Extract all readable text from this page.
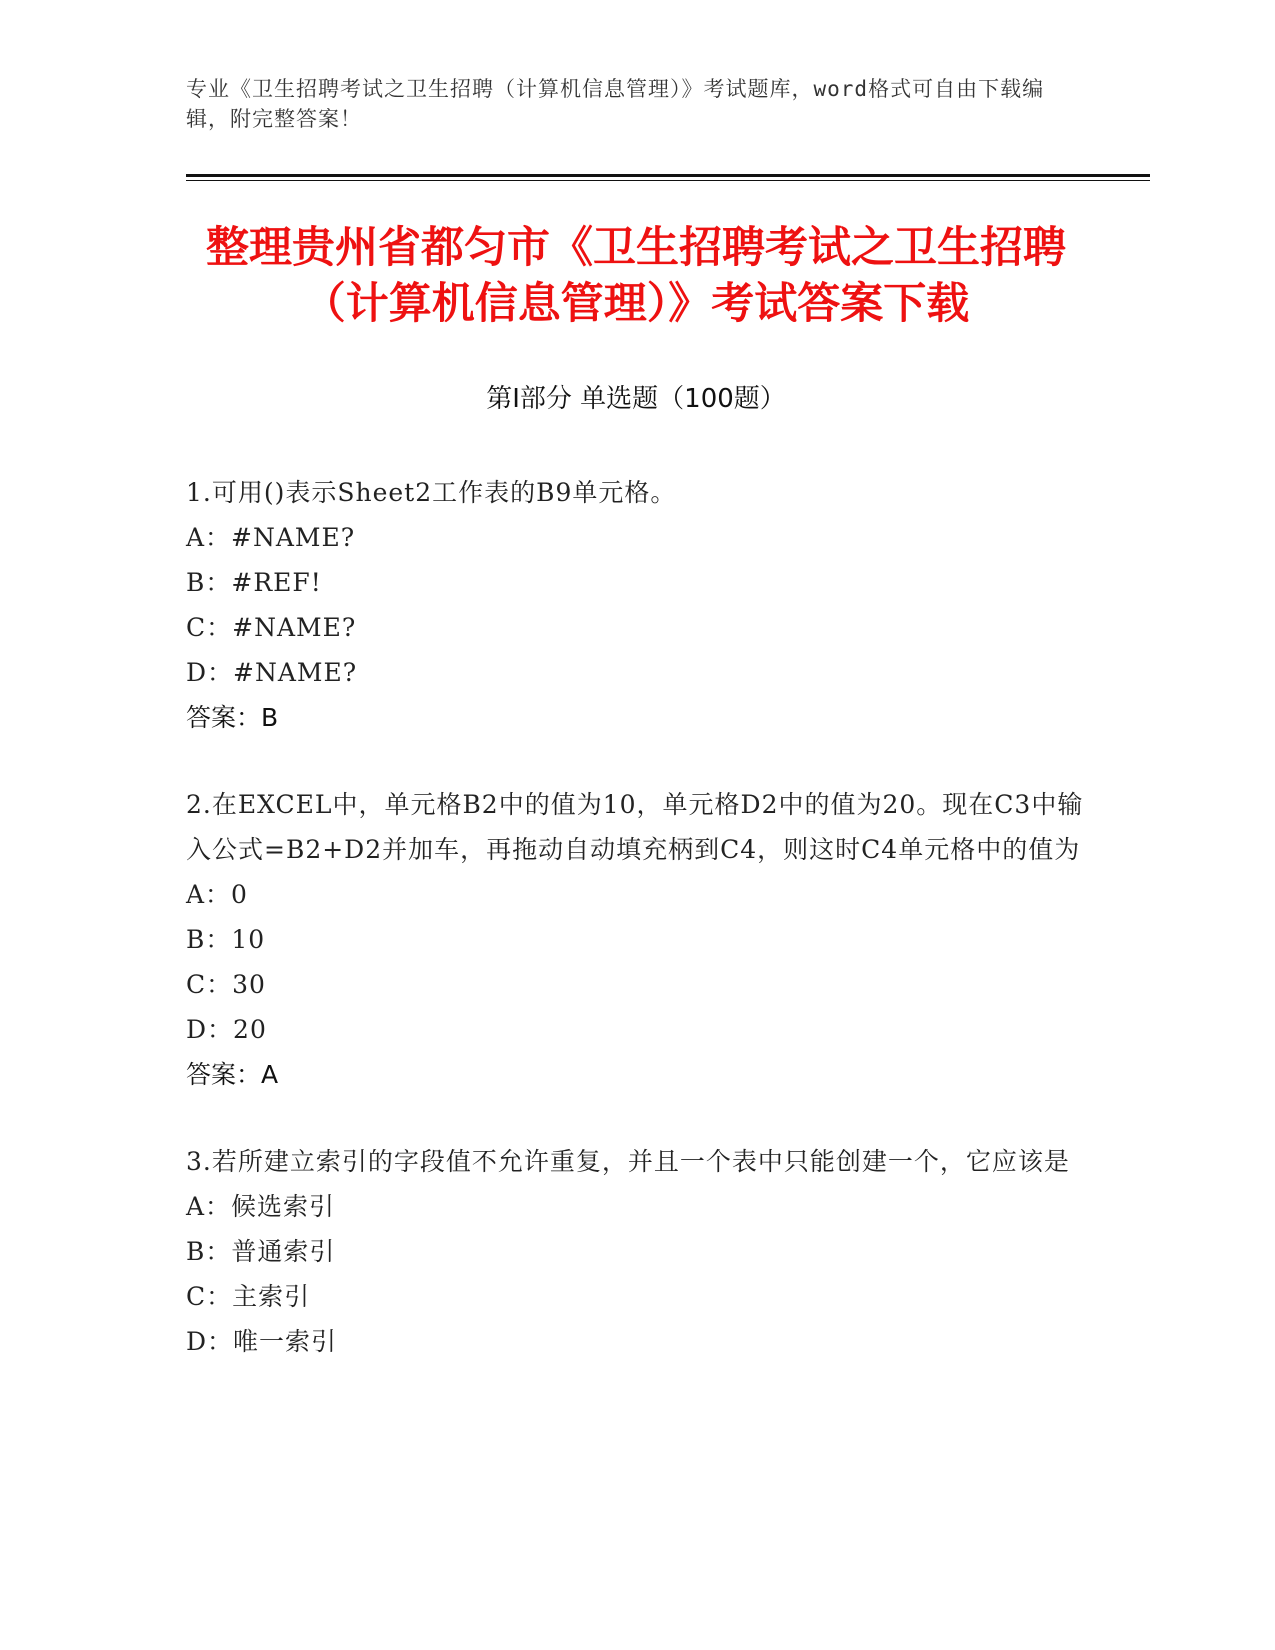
专业《卫生招聘考试之卫生招聘（计算机信息管理）》考试题库，word格式可自由下载编辑，附完整答案！
整理贵州省都匀市《卫生招聘考试之卫生招聘（计算机信息管理）》考试答案下载
第Ⅰ部分 单选题（100题）
1.可用()表示Sheet2工作表的B9单元格。
A：#NAME?
B：#REF!
C：#NAME?
D：#NAME?
答案：B
2.在EXCEL中，单元格B2中的值为10，单元格D2中的值为20。现在C3中输入公式=B2+D2并加车，再拖动自动填充柄到C4，则这时C4单元格中的值为
A：0
B：10
C：30
D：20
答案：A
3.若所建立索引的字段值不允许重复，并且一个表中只能创建一个，它应该是
A：候选索引
B：普通索引
C：主索引
D：唯一索引
